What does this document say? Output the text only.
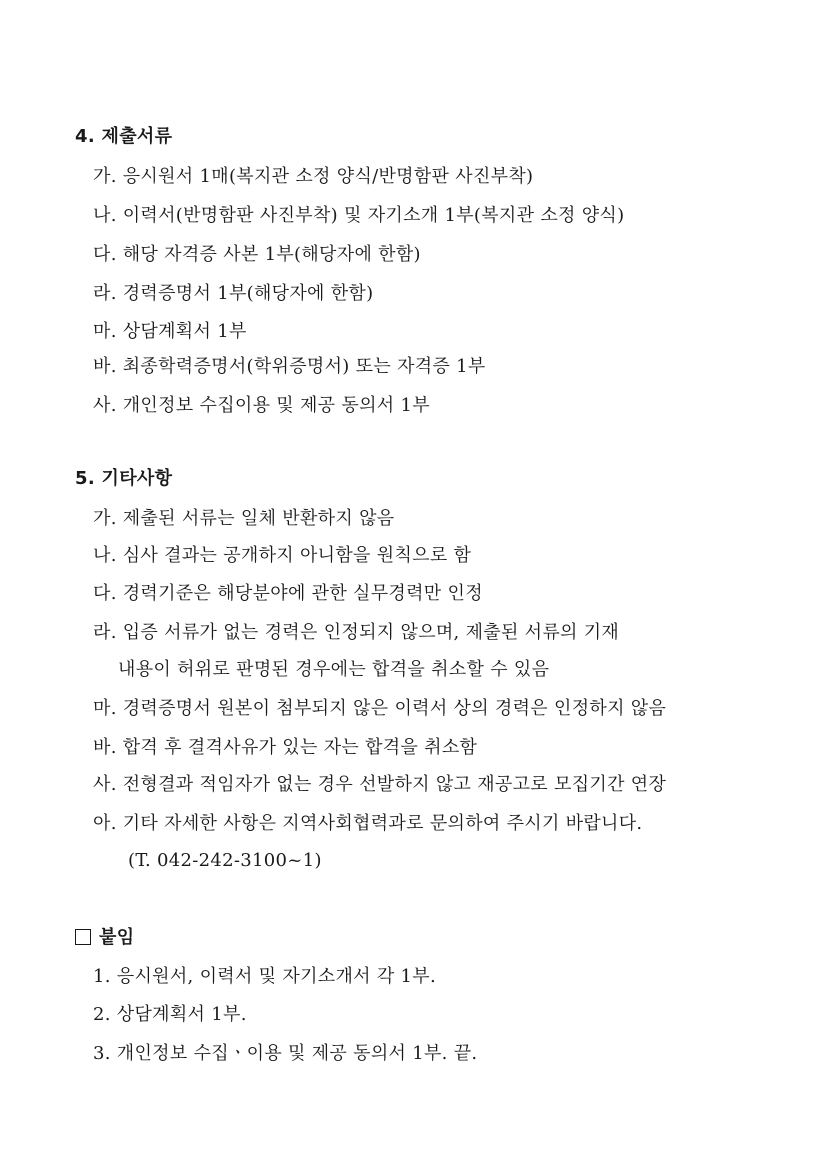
4. 제출서류
가. 응시원서 1매(복지관 소정 양식/반명함판 사진부착)
나. 이력서(반명함판 사진부착) 및 자기소개 1부(복지관 소정 양식)
다. 해당 자격증 사본 1부(해당자에 한함)
라. 경력증명서 1부(해당자에 한함)
마. 상담계획서 1부
바. 최종학력증명서(학위증명서) 또는 자격증 1부
사. 개인정보 수집이용 및 제공 동의서 1부
5. 기타사항
가. 제출된 서류는 일체 반환하지 않음
나. 심사 결과는 공개하지 아니함을 원칙으로 함
다. 경력기준은 해당분야에 관한 실무경력만 인정
라. 입증 서류가 없는 경력은 인정되지 않으며, 제출된 서류의 기재
내용이 허위로 판명된 경우에는 합격을 취소할 수 있음
마. 경력증명서 원본이 첨부되지 않은 이력서 상의 경력은 인정하지 않음
바. 합격 후 결격사유가 있는 자는 합격을 취소함
사. 전형결과 적임자가 없는 경우 선발하지 않고 재공고로 모집기간 연장
아. 기타 자세한 사항은 지역사회협력과로 문의하여 주시기 바랍니다.
(T. 042-242-3100~1)
붙임
1. 응시원서, 이력서 및 자기소개서 각 1부.
2. 상담계획서 1부.
3. 개인정보 수집ㆍ이용 및 제공 동의서 1부. 끝.
